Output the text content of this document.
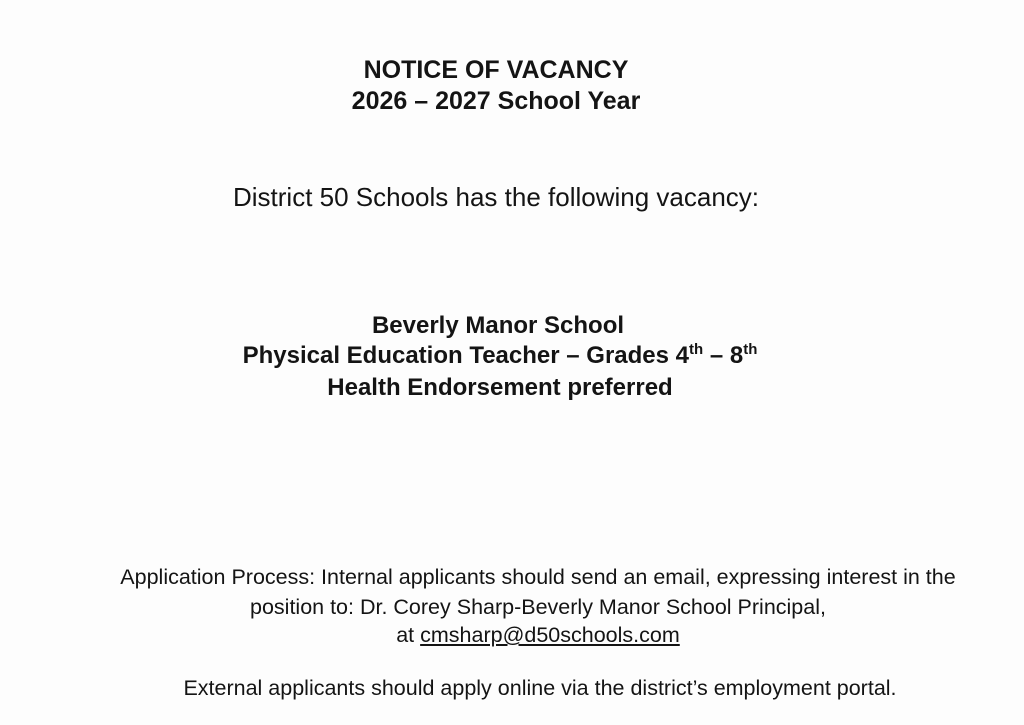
NOTICE OF VACANCY
2026 – 2027 School Year
District 50 Schools has the following vacancy:
Beverly Manor School
Physical Education Teacher – Grades 4th – 8th
Health Endorsement preferred
Application Process: Internal applicants should send an email, expressing interest in the
position to: Dr. Corey Sharp-Beverly Manor School Principal,
at cmsharp@d50schools.com
External applicants should apply online via the district’s employment portal.
